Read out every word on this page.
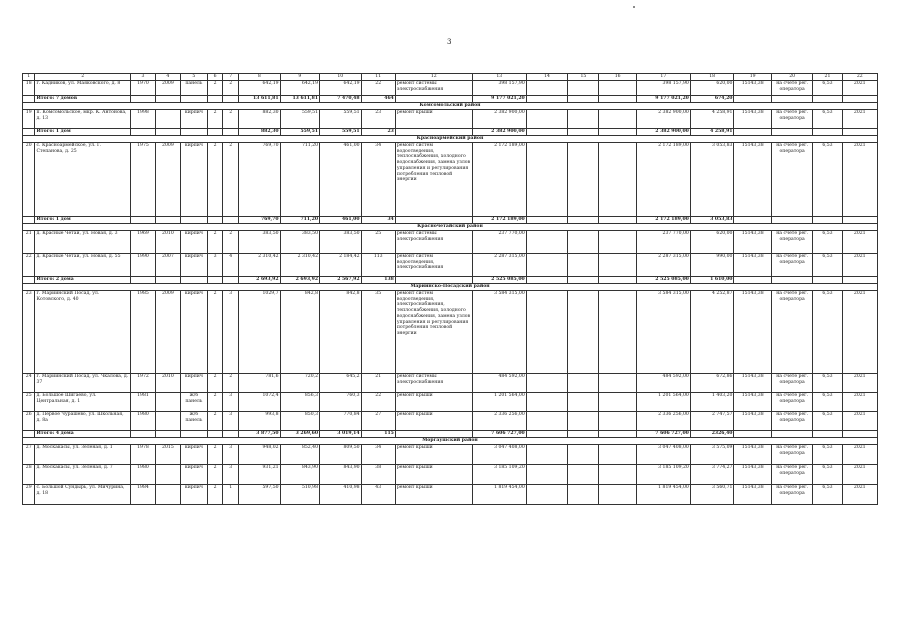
3
1	2	3	4	5	6	7	8	9	10	11	12	13	14	15	16	17	18	19	20	21	22
18	г. Кадников, ул. Маяковского, д. 8	1970	2009	панель	2	2	642,19	642,19	642,19	22	ремонт системы электроснабжения	398 157,90				398 157,90	620,00	15143,38	на счете рег. оператора	6,53	2021
	Итого: 7 домов						13 611,81	13 611,81	7 470,48	464		9 177 021,20				9 177 021,20	674,20				
Комсомольский район																					
19	п. Комсомольское, мкр. К. Антонова, д. 13	1998		кирпич	2	2	882,30	559,51	559,51	23	ремонт крыши	2 382 900,00				2 382 900,00	4 258,91	15143,38	на счете рег. оператора	6,53	2021
	Итого: 1 дом						882,30	559,51	559,51	23		2 382 900,00				2 382 900,00	4 258,91				
Красноармейский район																					
20	с. Красноармейское, ул. Г. Степанова, д. 25	1975	2009	кирпич	2	2	769,70	711,20	461,00	34	ремонт систем водоотведения, теплоснабжения, холодного водоснабжения, замена узлов управления и регулирования потребления тепловой энергии	2 172 189,00				2 172 189,00	3 053,83	15143,38	на счете рег. оператора	6,53	2021
	Итого: 1 дом						769,70	711,20	461,00	34		2 172 189,00				2 172 189,00	3 053,83				
Красночетайский район																					
21	д. Красные Четаи, ул. Новая, д. 3	1969	2010	кирпич	2	2	383,50	383,50	383,50	25	ремонт системы электроснабжения	237 770,00				237 770,00	620,00	15143,38	на счете рег. оператора	6,53	2021
22	д. Красные Четаи, ул. Новая, д. 55	1990	2007	кирпич	3	4	2 310,42	2 310,42	2 184,42	113	ремонт систем водоотведения, электроснабжения	2 287 315,00				2 287 315,00	990,00	15143,38	на счете рег. оператора	6,53	2021
	Итого: 2 дома						2 693,92	2 693,92	2 567,92	138		2 525 085,00				2 525 085,00	1 610,00				
Мариинско-Посадский район																					
23	г. Мариинский Посад, ул. Котовского, д. 40	1985	2009	кирпич	2	3	1029,7	842,8	842,8	35	ремонт систем водоотведения, электроснабжения, теплоснабжения, холодного водоснабжения, замена узлов управления и регулирования потребления тепловой энергии	3 584 315,00				3 584 315,00	4 252,87	15143,38	на счете рег. оператора	6,53	2021
24	г. Мариинский Посад, ул. Чкалова, д. 37	1972	2010	кирпич	2	2	781,6	720,2	645,2	21	ремонт системы электроснабжения	484 592,00				484 592,00	672,86	15143,38	на счете рег. оператора	6,53	2021
25	д. Большое Шигаево, ул. Центральная, д. 1	1981		ж/б панель	2	3	1072,4	856,3	760,3	22	ремонт крыши	1 201 564,00				1 201 564,00	1 403,20	15143,38	на счете рег. оператора	6,53	2021
26	д. Первое Чурашево, ул. Школьная, д. 8а	1980		ж/б панель	2	3	993,8	850,3	770,84	27	ремонт крыши	2 336 256,00				2 336 256,00	2 747,57	15143,38	на счете рег. оператора	6,53	2021
	Итого: 4 дома						3 877,50	3 269,60	3 019,14	115		7 606 727,00				7 606 727,00	2326,40				
Моргаушский район																					
27	д. Москакасы, ул. Зеленая, д. 1	1978	2015	кирпич	2	3	948,02	852,40	809,50	34	ремонт крыши	3 047 408,00				3 047 408,00	3 575,09	15143,38	на счете рег. оператора	6,53	2021
28	д. Москакасы, ул. Зеленая, д. 7	1980		кирпич	2	3	931,21	843,90	843,90	38	ремонт крыши	3 185 109,20				3 185 109,20	3 774,27	15143,38	на счете рег. оператора	6,53	2021
29	с. Большой Сундырь, ул. Мичурина, д. 18	1984		кирпич	2	1	597,50	510,98	410,98	43	ремонт крыши	1 819 454,00				1 819 454,00	3 560,71	15143,38	на счете рег. оператора	6,53	2021
